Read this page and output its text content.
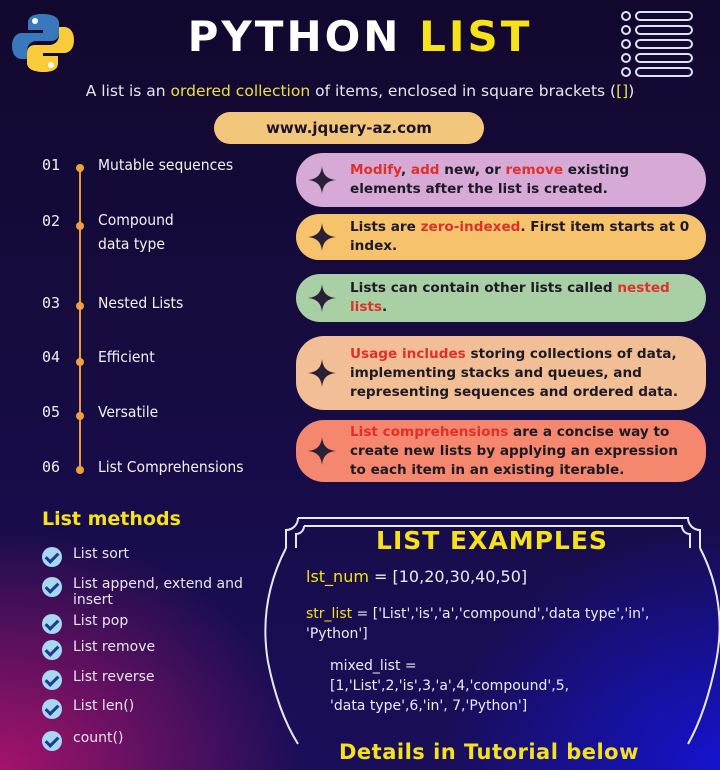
PYTHON LIST

A list is an ordered collection of items, enclosed in square brackets ([])

www.jquery-az.com
01 Mutable sequences
02 Compound data type
03 Nested Lists
04 Efficient
05 Versatile
06 List Comprehensions
Modify, add new, or remove existing elements after the list is created.
Lists are zero-indexed. First item starts at 0 index.
Lists can contain other lists called nested lists.
Usage includes storing collections of data, implementing stacks and queues, and representing sequences and ordered data.
List comprehensions are a concise way to create new lists by applying an expression to each item in an existing iterable.
List methods
List sort
List append, extend and insert
List pop
List remove
List reverse
List len()
count()
LIST EXAMPLES
lst_num = [10,20,30,40,50]
str_list = ['List','is','a','compound','data type','in',
'Python']
mixed_list =
[1,'List',2,'is',3,'a',4,'compound',5,
'data type',6,'in', 7,'Python']
Details in Tutorial below
